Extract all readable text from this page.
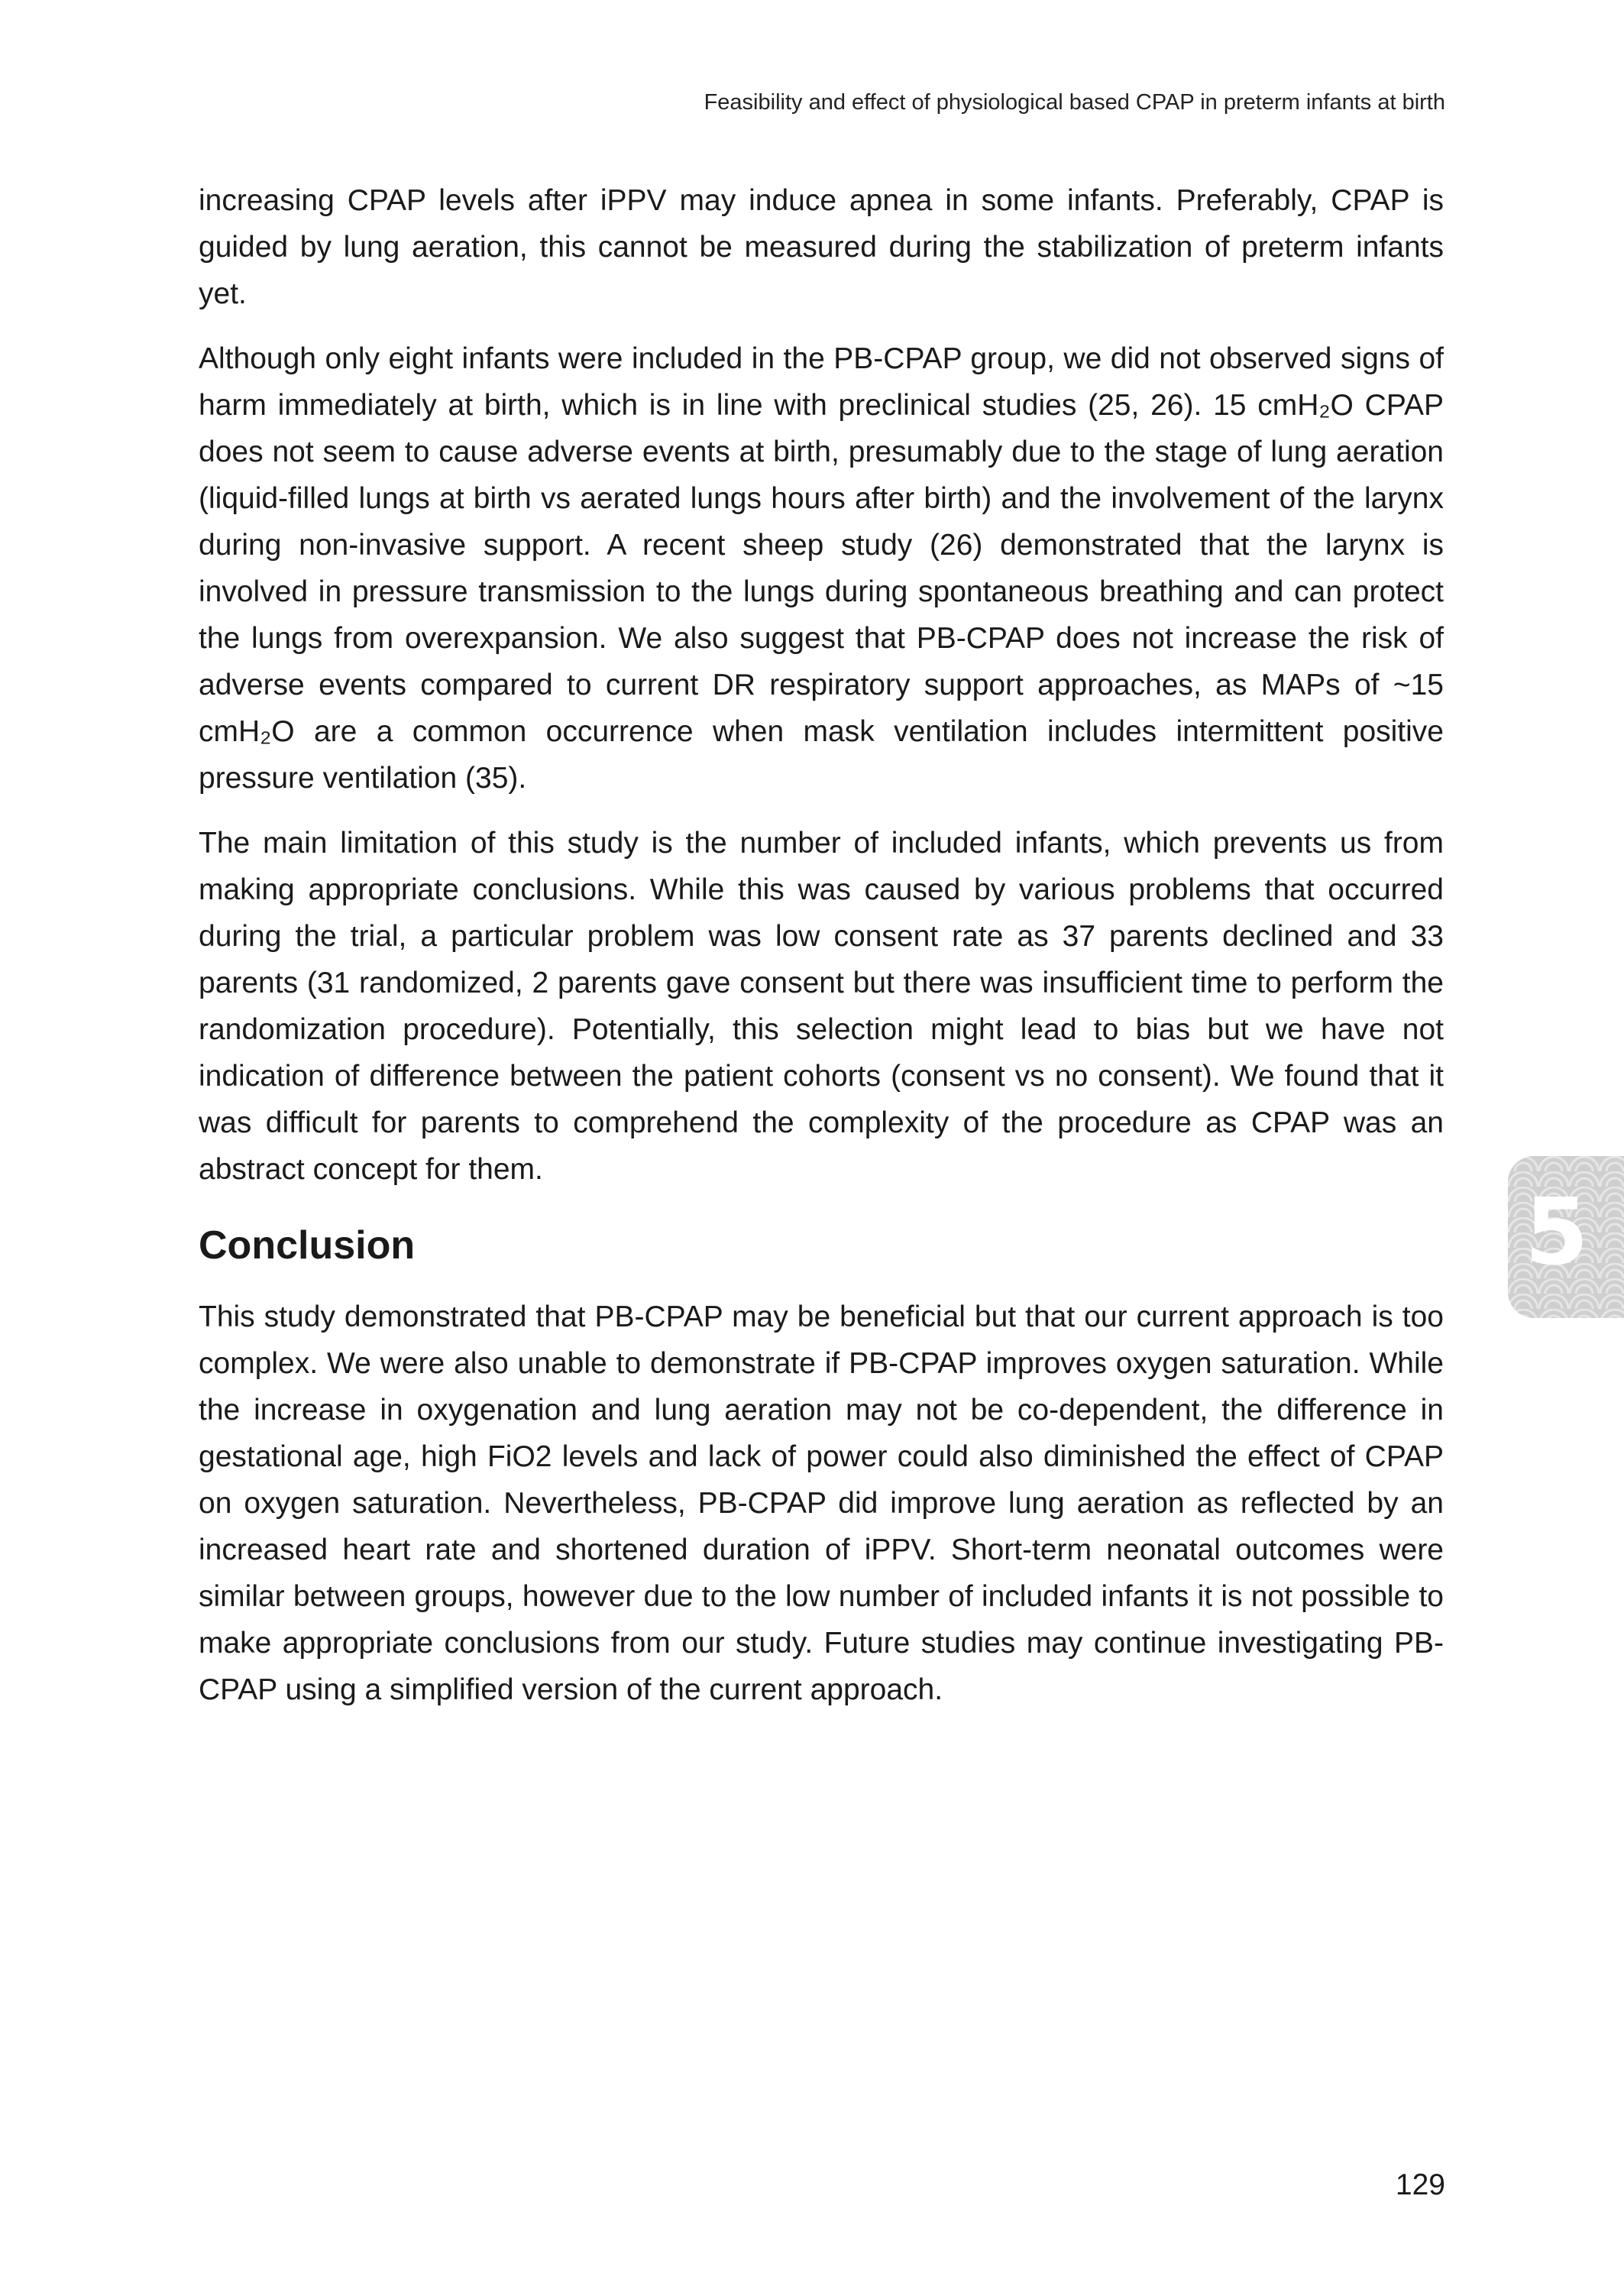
Feasibility and effect of physiological based CPAP in preterm infants at birth

increasing CPAP levels after iPPV may induce apnea in some infants. Preferably, CPAP is guided by lung aeration, this cannot be measured during the stabilization of preterm infants yet.

Although only eight infants were included in the PB-CPAP group, we did not observed signs of harm immediately at birth, which is in line with preclinical studies (25, 26). 15 cmH₂O CPAP does not seem to cause adverse events at birth, presumably due to the stage of lung aeration (liquid-filled lungs at birth vs aerated lungs hours after birth) and the involvement of the larynx during non-invasive support. A recent sheep study (26) demonstrated that the larynx is involved in pressure transmission to the lungs during spontaneous breathing and can protect the lungs from overexpansion. We also suggest that PB-CPAP does not increase the risk of adverse events compared to current DR respiratory support approaches, as MAPs of ~15 cmH₂O are a common occurrence when mask ventilation includes intermittent positive pressure ventilation (35).

The main limitation of this study is the number of included infants, which prevents us from making appropriate conclusions. While this was caused by various problems that occurred during the trial, a particular problem was low consent rate as 37 parents declined and 33 parents (31 randomized, 2 parents gave consent but there was insufficient time to perform the randomization procedure). Potentially, this selection might lead to bias but we have not indication of difference between the patient cohorts (consent vs no consent). We found that it was difficult for parents to comprehend the complexity of the procedure as CPAP was an abstract concept for them.

Conclusion

This study demonstrated that PB-CPAP may be beneficial but that our current approach is too complex. We were also unable to demonstrate if PB-CPAP improves oxygen saturation. While the increase in oxygenation and lung aeration may not be co-dependent, the difference in gestational age, high FiO2 levels and lack of power could also diminished the effect of CPAP on oxygen saturation. Nevertheless, PB-CPAP did improve lung aeration as reflected by an increased heart rate and shortened duration of iPPV. Short-term neonatal outcomes were similar between groups, however due to the low number of included infants it is not possible to make appropriate conclusions from our study. Future studies may continue investigating PB-CPAP using a simplified version of the current approach.

5
129
